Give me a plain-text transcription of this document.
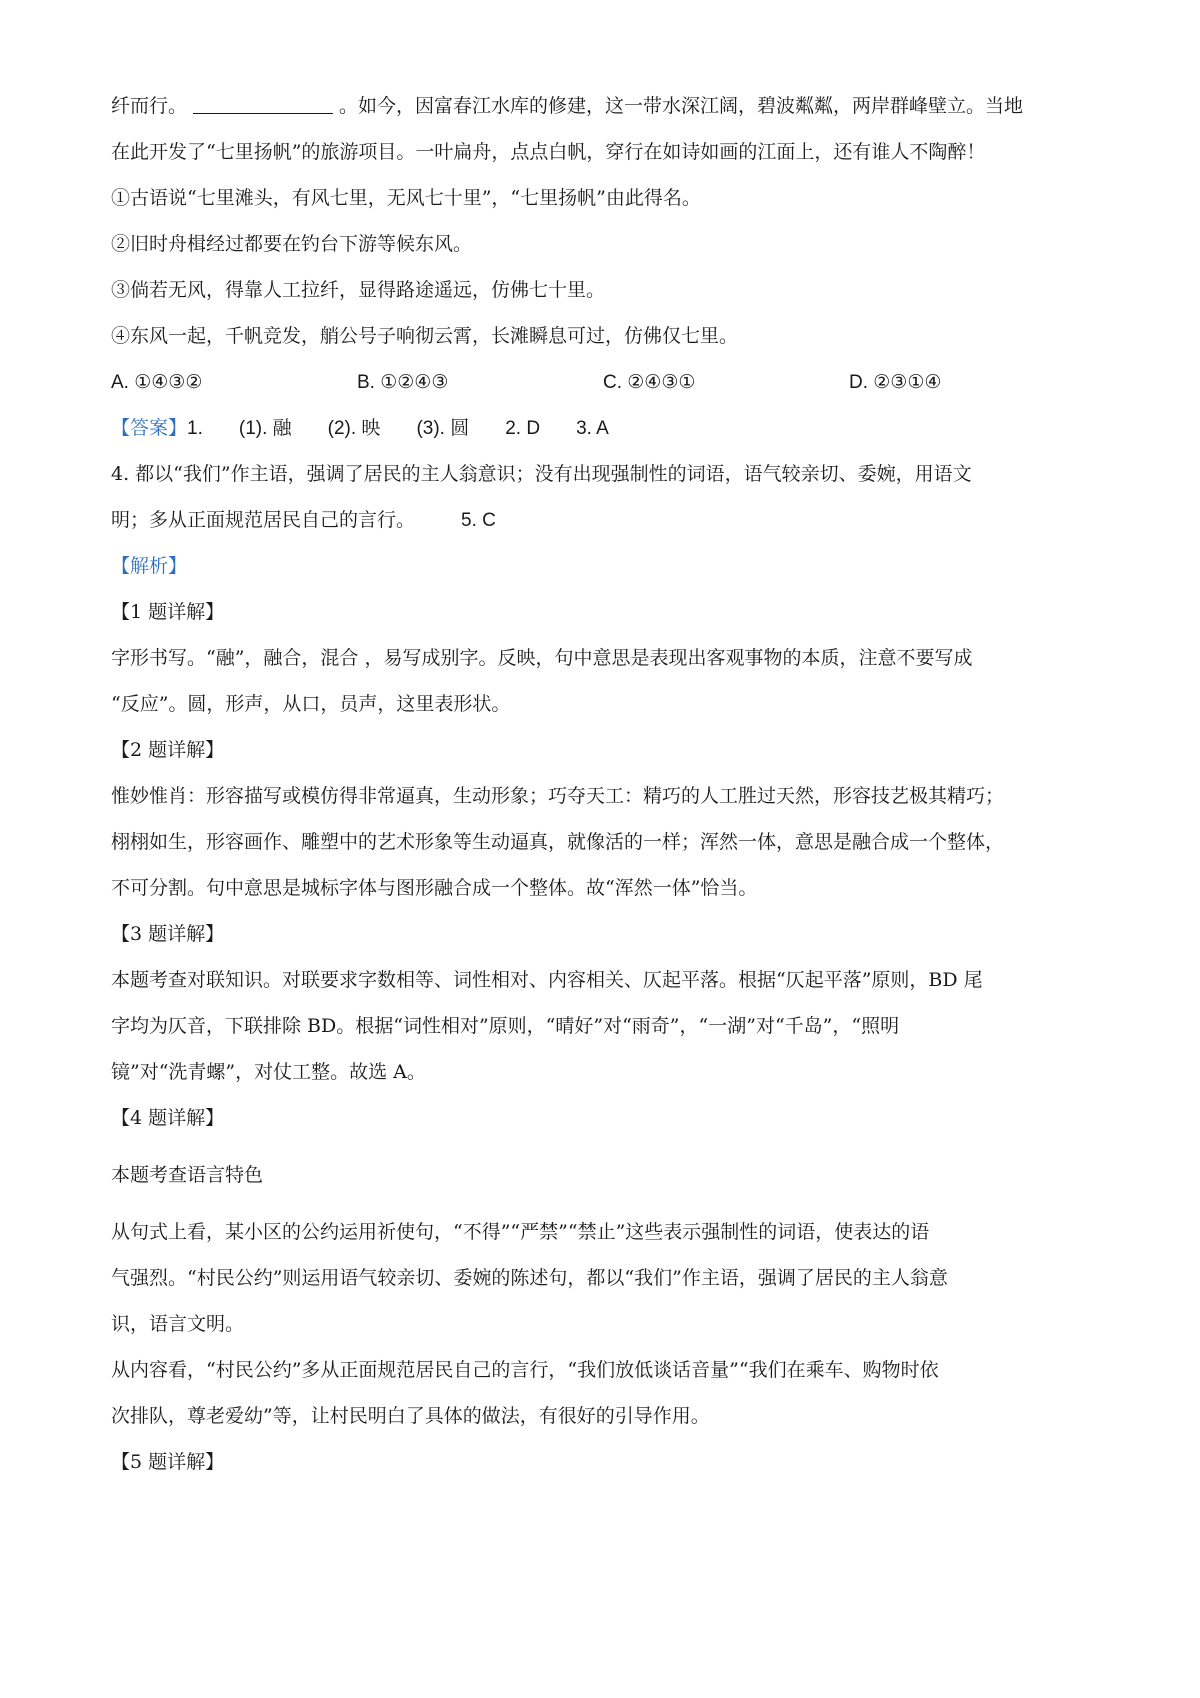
纤而行。	。如今，因富春江水库的修建，这一带水深江阔，碧波粼粼，两岸群峰壁立。当地

在此开发了“七里扬帆”的旅游项目。一叶扁舟，点点白帆，穿行在如诗如画的江面上，还有谁人不陶醉！

①古语说“七里滩头，有风七里，无风七十里”，“七里扬帆”由此得名。

②旧时舟楫经过都要在钓台下游等候东风。

③倘若无风，得靠人工拉纤，显得路途遥远，仿佛七十里。

④东风一起，千帆竞发，艄公号子响彻云霄，长滩瞬息可过，仿佛仅七里。

A. ①④③②	B. ①②④③	C. ②④③①	D. ②③①④

【答案】1. (1). 融 (2). 映 (3). 圆 2. D 3. A

4. 都以“我们”作主语，强调了居民的主人翁意识；没有出现强制性的词语，语气较亲切、委婉，用语文

明；多从正面规范居民自己的言行。 5. C

【解析】

【1 题详解】

字形书写。“融”，融合，混合 ，易写成别字。反映，句中意思是表现出客观事物的本质，注意不要写成

“反应”。圆，形声，从口，员声，这里表形状。

【2 题详解】

惟妙惟肖：形容描写或模仿得非常逼真，生动形象；巧夺天工：精巧的人工胜过天然，形容技艺极其精巧；

栩栩如生，形容画作、雕塑中的艺术形象等生动逼真，就像活的一样；浑然一体，意思是融合成一个整体，

不可分割。句中意思是城标字体与图形融合成一个整体。故“浑然一体”恰当。

【3 题详解】

本题考查对联知识。对联要求字数相等、词性相对、内容相关、仄起平落。根据“仄起平落”原则，BD 尾

字均为仄音，下联排除 BD。根据“词性相对”原则，“晴好”对“雨奇”，“一湖”对“千岛”，“照明

镜”对“洗青螺”，对仗工整。故选 A。

【4 题详解】

本题考查语言特色

从句式上看，某小区的公约运用祈使句，“不得”“严禁”“禁止”这些表示强制性的词语，使表达的语

气强烈。“村民公约”则运用语气较亲切、委婉的陈述句，都以“我们”作主语，强调了居民的主人翁意

识，语言文明。

从内容看，“村民公约”多从正面规范居民自己的言行，“我们放低谈话音量”“我们在乘车、购物时依

次排队，尊老爱幼”等，让村民明白了具体的做法，有很好的引导作用。

【5 题详解】
